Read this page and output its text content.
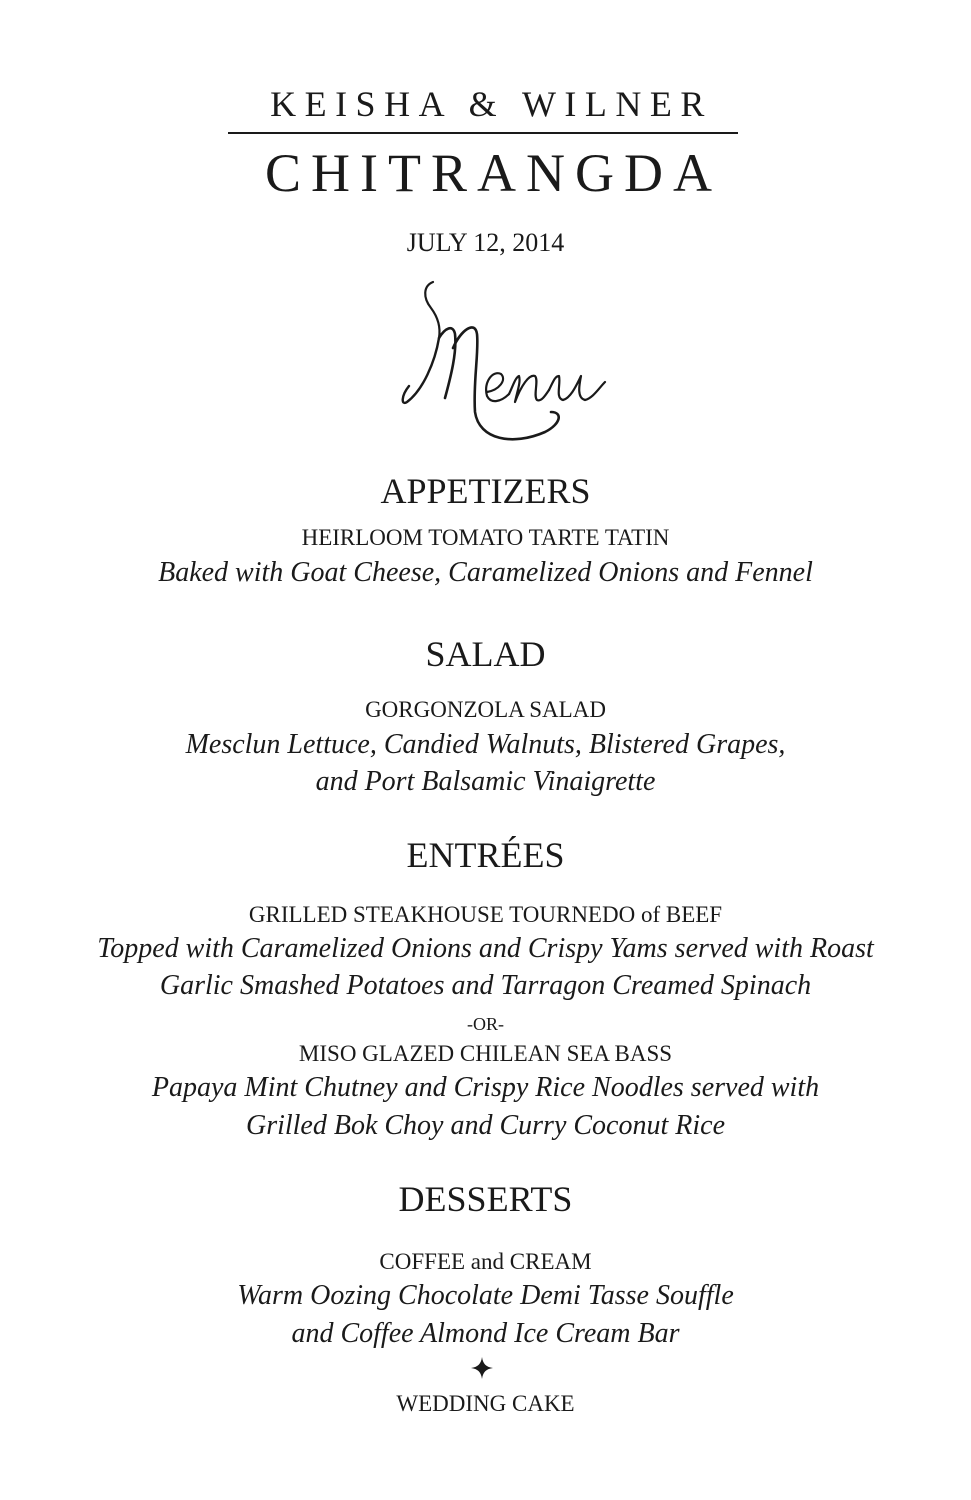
KEISHA & WILNER
CHITRANGDA
JULY 12, 2014
APPETIZERS
HEIRLOOM TOMATO TARTE TATIN
Baked with Goat Cheese, Caramelized Onions and Fennel
SALAD
GORGONZOLA SALAD
Mesclun Lettuce, Candied Walnuts, Blistered Grapes,
and Port Balsamic Vinaigrette
ENTRÉES
GRILLED STEAKHOUSE TOURNEDO of BEEF
Topped with Caramelized Onions and Crispy Yams served with Roast
Garlic Smashed Potatoes and Tarragon Creamed Spinach
-OR-
MISO GLAZED CHILEAN SEA BASS
Papaya Mint Chutney and Crispy Rice Noodles served with
Grilled Bok Choy and Curry Coconut Rice
DESSERTS
COFFEE and CREAM
Warm Oozing Chocolate Demi Tasse Souffle
and Coffee Almond Ice Cream Bar
WEDDING CAKE
